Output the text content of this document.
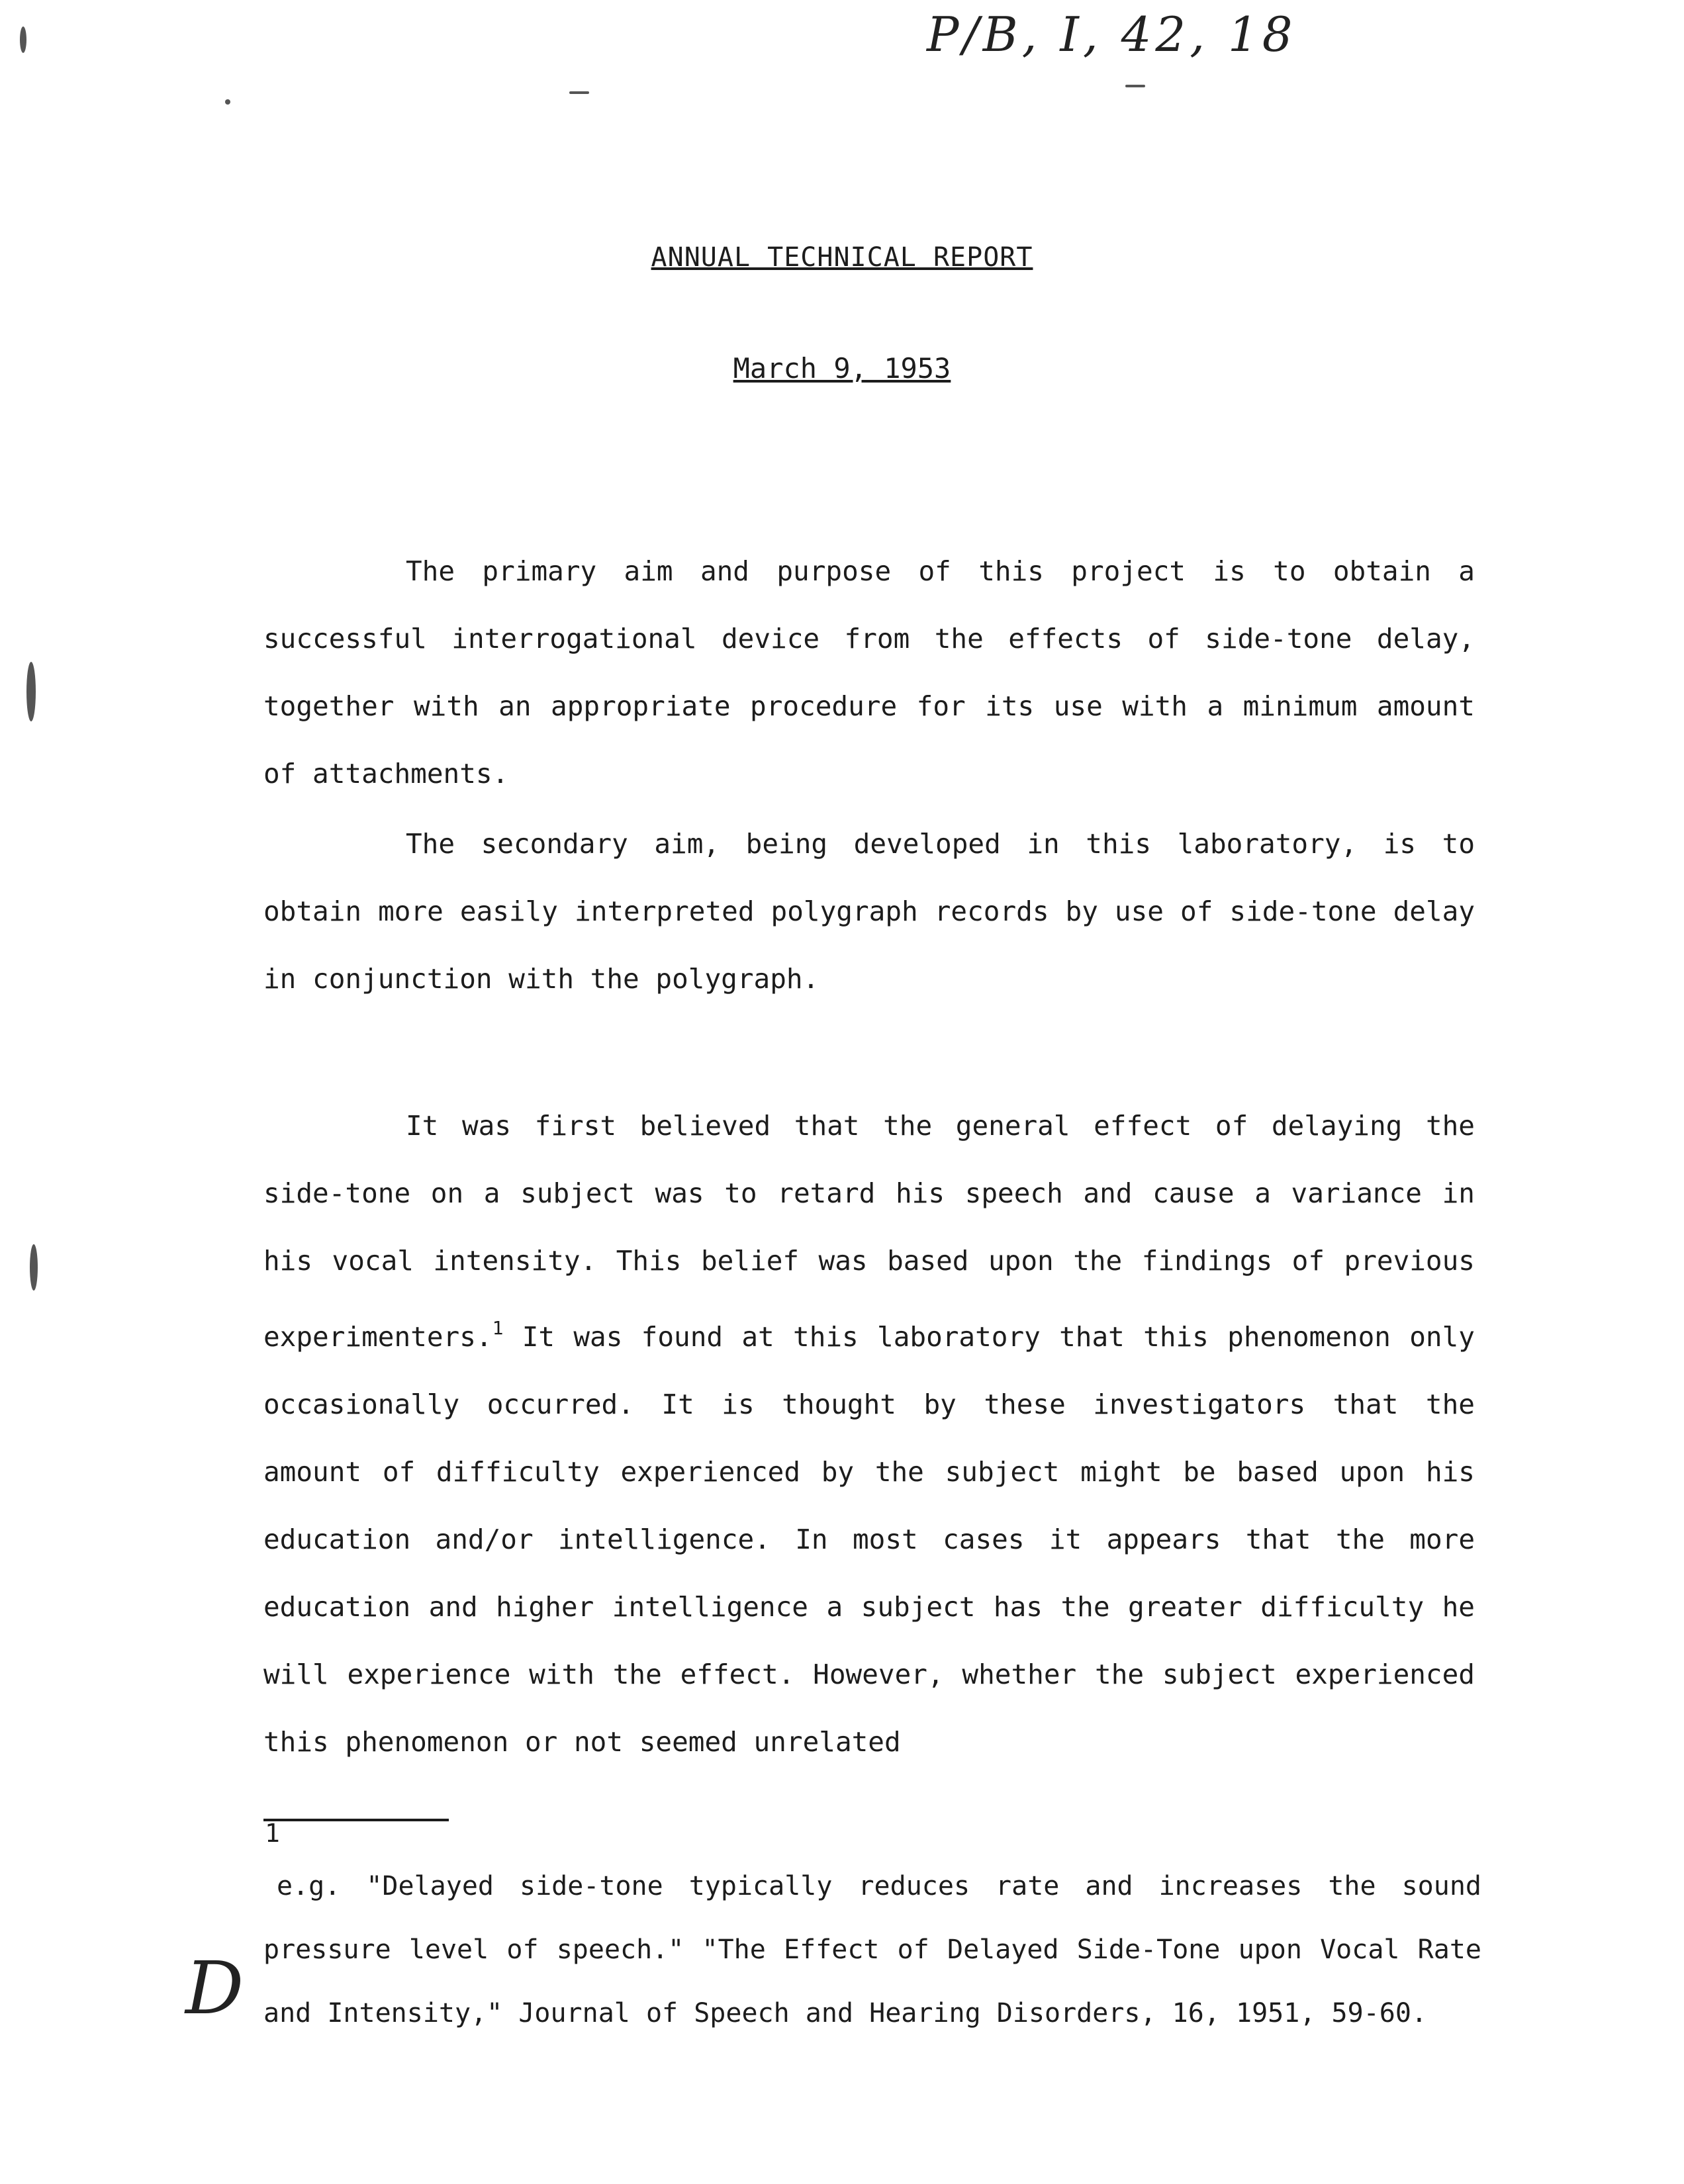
P/B, I, 42, 18
ANNUAL TECHNICAL REPORT
March 9, 1953

The primary aim and purpose of this project is to obtain a successful interrogational device from the effects of side-tone delay, together with an appropriate procedure for its use with a minimum amount of attachments.

The secondary aim, being developed in this laboratory, is to obtain more easily interpreted polygraph records by use of side-tone delay in conjunction with the polygraph.

It was first believed that the general effect of delaying the side-tone on a subject was to retard his speech and cause a variance in his vocal intensity. This belief was based upon the findings of previous experimenters.$^1$ It was found at this laboratory that this phenomenon only occasionally occurred. It is thought by these investigators that the amount of difficulty experienced by the subject might be based upon his education and/or intelligence. In most cases it appears that the more education and higher intelligence a subject has the greater difficulty he will experience with the effect. However, whether the subject experienced this phenomenon or not seemed unrelated

1

e.g. "Delayed side-tone typically reduces rate and increases the sound pressure level of speech." "The Effect of Delayed Side-Tone upon Vocal Rate and Intensity," Journal of Speech and Hearing Disorders, 16, 1951, 59-60.

D
